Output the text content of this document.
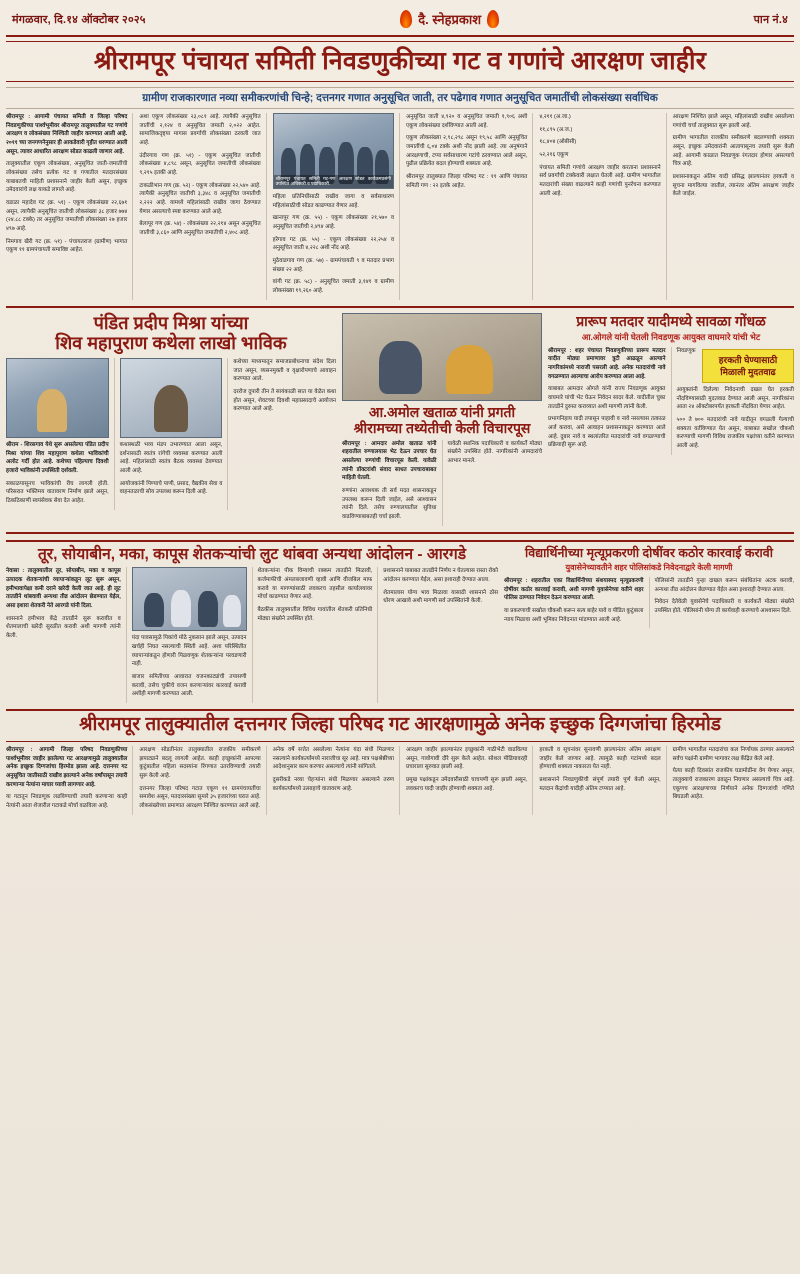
मंगळवार, दि.१४ ऑक्टोबर २०२५	दै. स्नेहप्रकाश	पान नं.४
श्रीरामपूर पंचायत समिती निवडणुकीच्या गट व गणांचे आरक्षण जाहीर
ग्रामीण राजकारणात नव्या समीकरणांची चिन्हे; दत्तनगर गणात अनुसूचित जाती, तर पढेगाव गणात अनुसूचित जमातींची लोकसंख्या सर्वाधिक

श्रीरामपूर : आगामी पंचायत समिती व जिल्हा परिषद निवडणुकीच्या पार्श्वभूमीवर श्रीरामपूर तालुक्यातील गट गणांचे आरक्षण व लोकसंख्या निश्चिती जाहीर करण्यात आली आहे. २०११ च्या जनगणनेनुसार ही आकडेवारी गृहीत धरण्यात आली असून, त्यावर आधारित आरक्षण सोडत काढली जाणार आहे.

तालुक्यातील एकूण लोकसंख्या, अनुसूचित जाती-जमातींची लोकसंख्या तसेच प्रत्येक गट व गणातील मतदारसंख्या याबाबतची माहिती प्रशासनाने जाहीर केली असून, इच्छुक उमेदवारांचे लक्ष याकडे लागले आहे.

वडाळा महादेव गट (क्र. ५१) - एकूण लोकसंख्या २२,६७१ असून, त्यापैकी अनुसूचित जातीची लोकसंख्या ३८ हजार ७७४ (२४.८८ टक्के) तर अनुसूचित जमातीची लोकसंख्या २७ हजार ४९७ आहे.

निमगाव खैरी गट (क्र. ५१) - पंचायतराज (ग्रामीण) भागात एकूण ११ ग्रामपंचायती समाविष्ट आहेत.

अशा एकूण लोकसंख्या २३,०८१ आहे. त्यापैकी अनुसूचित जातींची २,१२४ व अनुसूचित जमाती २,०२२ आहेत. सामाजिकदृष्ट्या मागास प्रवर्गाची लोकसंख्या ठरवली जात आहे.

उंदीरगाव गण (क्र. ५१) - एकूण अनुसूचित जातीची लोकसंख्या ४,८९८ असून, अनुसूचित जमातीची लोकसंख्या ९,२१५ इतकी आहे.

टाकळीभान गण (क्र. ५२) - एकूण लोकसंख्या २२,५४० आहे. त्यापैकी अनुसूचित जातीची ३,३४८ व अनुसूचित जमातीची २,२२२ आहे. यामध्ये महिलांसाठी राखीव जागा ठेवण्यात येणार असल्याचे स्पष्ट करण्यात आले आहे.

बेलापूर गण (क्र. ५४) - लोकसंख्या २२,२१४ असून अनुसूचित जातीची ३,८६० आणि अनुसूचित जमातीची २,४०८ आहे.

श्रीरामपूर पंचायत समिती गट-गण आरक्षण सोडत कार्यक्रमप्रसंगी उपस्थित अधिकारी व पदाधिकारी.

महिला प्रतिनिधींसाठी राखीव जागा व सर्वसाधारण महिलांसाठीची सोडत काढण्यात येणार आहे.

खानापूर गण (क्र. ५५) - एकूण लोकसंख्या २१,५७० व अनुसूचित जातीची २,४९४ आहे.

हरेगाव गट (क्र. ५५) - एकूण लोकसंख्या २२,२५४ व अनुसूचित जाती ४,२२८ अशी नोंद आहे.

मुठेवाडगाव गण (क्र. ५७) - ग्रामपंचायती ९ व मतदार प्रभाग संख्या २२ आहे.

वांगी गट (क्र. ५८) - अनुसूचित जमाती ३,१४१ व ग्रामीण लोकसंख्या १९,२६० आहे.

अनुसूचित जाती ४,९२० व अनुसूचित जमाती १,९०६ अशी एकूण लोकसंख्या दर्शविण्यात आली आहे.

एकूण लोकसंख्या २,९८,२९८ असून १९,५८ आणि अनुसूचित जमातींची ६,०४ टक्के अशी नोंद झाली आहे. त्या अनुषंगाने आरक्षणाची, टप्पा सर्वसाधारण गटांचे ठरवण्यात आले असून, पुढील प्रक्रियेत बदल होण्याची शक्यता आहे.

श्रीरामपूर तालुक्यात जिल्हा परिषद गट : ११ आणि पंचायत समिती गण : २२ इतके आहेत.

४,२११ (अ.जा.)

११,८९५ (अ.ज.)

१८,४०४ (ओबीसी)

५२,२१६ एकूण

पंचायत समिती गणांचे आरक्षण जाहीर करताना प्रशासनाने सर्व प्रवर्गांची टक्केवारी लक्षात घेतली आहे. ग्रामीण भागातील मतदारांची संख्या वाढल्याने काही गणांची पुनर्रचना करण्यात आली आहे.

आरक्षण निश्चित झाले असून, महिलांसाठी राखीव असलेल्या गणांची चर्चा तालुक्यात सुरू झाली आहे.

ग्रामीण भागातील राजकीय समीकरणे बदलण्याची शक्यता असून, इच्छुक उमेदवारांनी आतापासूनच तयारी सुरू केली आहे. आगामी काळात निवडणूक रंगतदार होणार असल्याचे चित्र आहे.

प्रशासनाकडून अंतिम यादी प्रसिद्ध झाल्यानंतर हरकती व सूचना मागविल्या जातील, त्यानंतर अंतिम आरक्षण जाहीर केले जाईल.

पंडित प्रदीप मिश्रा यांच्या
शिव महापुराण कथेला लाखो भाविक

श्रीराम - शिरसगाव येथे सुरू असलेल्या पंडित प्रदीप मिश्रा यांच्या शिव महापुराण कथेला भाविकांची अलोट गर्दी होत आहे. कथेच्या पहिल्याच दिवशी हजारो भाविकांनी उपस्थिती दर्शवली.

सकाळपासूनच भाविकांची रीघ लागली होती. परिसरात भक्तिमय वातावरण निर्माण झाले असून, ठिकठिकाणी स्वयंसेवक सेवा देत आहेत.

कथास्थळी भव्य मंडप उभारण्यात आला असून, दर्शनासाठी स्वतंत्र रांगेची व्यवस्था करण्यात आली आहे. महिलांसाठी स्वतंत्र बैठक व्यवस्था ठेवण्यात आली आहे.

आयोजकांनी पिण्याचे पाणी, प्रसाद, वैद्यकीय सेवा व वाहनतळाची सोय उपलब्ध करून दिली आहे.

कथेच्या माध्यमातून समाजप्रबोधनाचा संदेश दिला जात असून, व्यसनमुक्ती व वृक्षारोपणाचे आवाहन करण्यात आले.

दररोज दुपारी तीन ते सायंकाळी सात या वेळेत कथा होत असून, शेवटच्या दिवशी महाप्रसादाचे आयोजन करण्यात आले आहे.	आ.अमोल खताळ यांनी प्रगती
श्रीरामच्या तथ्येतीची केली विचारपूस

श्रीरामपूर : आमदार अमोल खताळ यांनी शहरातील रुग्णालयास भेट देऊन उपचार घेत असलेल्या रुग्णांची विचारपूस केली. यावेळी त्यांनी डॉक्टरांशी संवाद साधत उपचाराबाबत माहिती घेतली.

रुग्णांना आवश्यक ती सर्व मदत शासनाकडून उपलब्ध करून दिली जाईल, असे आश्वासन त्यांनी दिले. तसेच रुग्णालयातील सुविधा वाढविण्याबाबतही चर्चा झाली.

यावेळी स्थानिक पदाधिकारी व कार्यकर्ते मोठ्या संख्येने उपस्थित होते. नागरिकांनी आमदारांचे आभार मानले.

प्रारूप मतदार यादीमध्ये सावळा गोंधळ
आ.ओगले यांनी घेतली निवडणूक आयुक्त वाघमारे यांची भेट

श्रीरामपूर : शहर पंचायत निवडणुकीच्या प्रारूप मतदार यादीत मोठ्या प्रमाणावर त्रुटी आढळून आल्याने नागरिकांमध्ये नाराजी पसरली आहे. अनेक मतदारांची नावे वगळण्यात आल्याचा आरोप करण्यात आला आहे.

याबाबत आमदार ओगले यांनी राज्य निवडणूक आयुक्त वाघमारे यांची भेट घेऊन निवेदन सादर केले. यादीतील चुका तातडीने दुरुस्त कराव्यात अशी मागणी त्यांनी केली.

प्रभागनिहाय यादी तपासून पाहावी व नावे नसल्यास तत्काळ अर्ज करावा, असे आवाहन प्रशासनाकडून करण्यात आले आहे. दुबार नावे व स्थलांतरित मतदारांची नावे वगळण्याची प्रक्रियाही सुरू आहे.

हरकती घेण्यासाठी मिळाली मुदतवाढ

निवडणूक आयुक्तांनी दिलेल्या निवेदनाची दखल घेत हरकती नोंदविण्यासाठी मुदतवाढ देण्यात आली असून, नागरिकांना आता २४ ऑक्टोबरपर्यंत हरकती नोंदविता येणार आहेत.

५०० ते ७०० मतदारांची नावे यादीतून वगळली गेल्याची शक्यता वर्तविण्यात येत असून, याबाबत सखोल चौकशी करण्याची मागणी विविध राजकीय पक्षांच्या वतीने करण्यात आली आहे.

तूर, सोयाबीन, मका, कापूस शेतकऱ्यांची लुट थांबवा अन्यथा आंदोलन - आरगडे

नेवासा : तालुक्यातील तूर, सोयाबीन, मका व कापूस उत्पादक शेतकऱ्यांची व्यापाऱ्यांकडून लूट सुरू असून, हमीभावापेक्षा कमी दराने खरेदी केली जात आहे. ही लूट तातडीने थांबवावी अन्यथा तीव्र आंदोलन छेडण्यात येईल, असा इशारा शेतकरी नेते आरगडे यांनी दिला.

शासनाने हमीभाव केंद्रे तातडीने सुरू करावीत व शेतमालाची खरेदी सुरळीत करावी अशी मागणी त्यांनी केली.	यंदा पावसामुळे पिकांचे मोठे नुकसान झाले असून, उत्पादन खर्चही निघत नसल्याची स्थिती आहे. अशा परिस्थितीत व्यापाऱ्यांकडून होणारी पिळवणूक शेतकऱ्यांना परवडणारी नाही.

बाजार समितीच्या आवारात वजनकाट्यांची तपासणी करावी, तसेच चुकीचे वजन करणाऱ्यांवर कारवाई करावी अशीही मागणी करण्यात आली.

शेतकऱ्यांना पीक विम्याची रक्कम तातडीने मिळावी, कर्जमाफीची अंमलबजावणी व्हावी आणि वीजबिल माफ करावे या मागण्यांसाठी लवकरच तहसील कार्यालयावर मोर्चा काढण्यात येणार आहे.

बैठकीस तालुक्यातील विविध गावांतील शेतकरी प्रतिनिधी मोठ्या संख्येने उपस्थित होते.

प्रशासनाने याबाबत तातडीने निर्णय न घेतल्यास रास्ता रोको आंदोलन करण्यात येईल, असा इशाराही देण्यात आला.

शेतमालास योग्य भाव मिळावा यासाठी शासनाने ठोस धोरण आखावे अशी मागणी सर्व उपस्थितांनी केली.

विद्यार्थिनीच्या मृत्यूप्रकरणी दोषींवर कठोर कारवाई करावी
युवासेनेच्यावतीने शहर पोलिसांकडे निवेदनाद्वारे केली मागणी

श्रीरामपूर : शहरातील एका विद्यार्थिनीच्या संशयास्पद मृत्यूप्रकरणी दोषींवर कठोर कारवाई करावी, अशी मागणी युवासेनेच्या वतीने शहर पोलिस ठाण्यात निवेदन देऊन करण्यात आली.

या प्रकरणाची सखोल चौकशी करून सत्य बाहेर यावे व पीडित कुटुंबाला न्याय मिळावा अशी भूमिका निवेदनात मांडण्यात आली आहे.

पोलिसांनी तातडीने गुन्हा दाखल करून संबंधितांना अटक करावी, अन्यथा तीव्र आंदोलन छेडण्यात येईल असा इशाराही देण्यात आला.

निवेदन देतेवेळी युवासेनेचे पदाधिकारी व कार्यकर्ते मोठ्या संख्येने उपस्थित होते. पोलिसांनी योग्य ती कार्यवाही करण्याचे आश्वासन दिले.

श्रीरामपूर तालुक्यातील दत्तनगर जिल्हा परिषद गट आरक्षणामुळे अनेक इच्छुक दिग्गजांचा हिरमोड

श्रीरामपूर : आगामी जिल्हा परिषद निवडणुकीच्या पार्श्वभूमीवर जाहीर झालेल्या गट आरक्षणामुळे तालुक्यातील अनेक इच्छुक दिग्गजांचा हिरमोड झाला आहे. दत्तनगर गट अनुसूचित जातीसाठी राखीव झाल्याने अनेक वर्षांपासून तयारी करणाऱ्या नेत्यांना माघार घ्यावी लागणार आहे.

या गटातून निवडणूक लढविण्याची तयारी करणाऱ्या काही नेत्यांनी आता शेजारील गटाकडे मोर्चा वळविला आहे.

आरक्षण सोडतीनंतर तालुक्यातील राजकीय समीकरणे झपाट्याने बदलू लागली आहेत. काही इच्छुकांनी आपल्या कुटुंबातील महिला सदस्यांना रिंगणात उतरविण्याची तयारी सुरू केली आहे.

दत्तनगर जिल्हा परिषद गटात एकूण ११ ग्रामपंचायतींचा समावेश असून, मतदारसंख्या सुमारे ३५ हजारांच्या घरात आहे. लोकसंख्येच्या प्रमाणात आरक्षण निश्चित करण्यात आले आहे.

अनेक वर्षे सत्तेत असलेल्या नेत्यांना यंदा संधी मिळणार नसल्याने कार्यकर्त्यांमध्ये नाराजीचा सूर आहे. मात्र पक्षश्रेष्ठींच्या आदेशानुसार काम करणार असल्याचे त्यांनी सांगितले.

दुसरीकडे नव्या चेहऱ्यांना संधी मिळणार असल्याने तरुण कार्यकर्त्यांमध्ये उत्साहाचे वातावरण आहे.

आरक्षण जाहीर झाल्यानंतर इच्छुकांनी गाठीभेटी वाढविल्या असून, गावोगावी दौरे सुरू केले आहेत. सोशल मीडियावरही प्रचाराला सुरुवात झाली आहे.

प्रमुख पक्षांकडून उमेदवारीसाठी चाचपणी सुरू झाली असून, लवकरच यादी जाहीर होण्याची शक्यता आहे.

हरकती व सूचनांवर सुनावणी झाल्यानंतर अंतिम आरक्षण जाहीर केले जाणार आहे. त्यामुळे काही गटांमध्ये बदल होण्याची शक्यता नाकारता येत नाही.

प्रशासनाने निवडणुकीची संपूर्ण तयारी पूर्ण केली असून, मतदान केंद्रांची यादीही अंतिम टप्प्यात आहे.

ग्रामीण भागातील मतदारांचा कल निर्णायक ठरणार असल्याने सर्वच पक्षांनी ग्रामीण भागावर लक्ष केंद्रित केले आहे.

येत्या काही दिवसांत राजकीय घडामोडींना वेग येणार असून, तालुक्याचे राजकारण ढवळून निघणार असल्याचे चित्र आहे. एकूणच आरक्षणाच्या निर्णयाने अनेक दिग्गजांची गणिते बिघडली आहेत.
